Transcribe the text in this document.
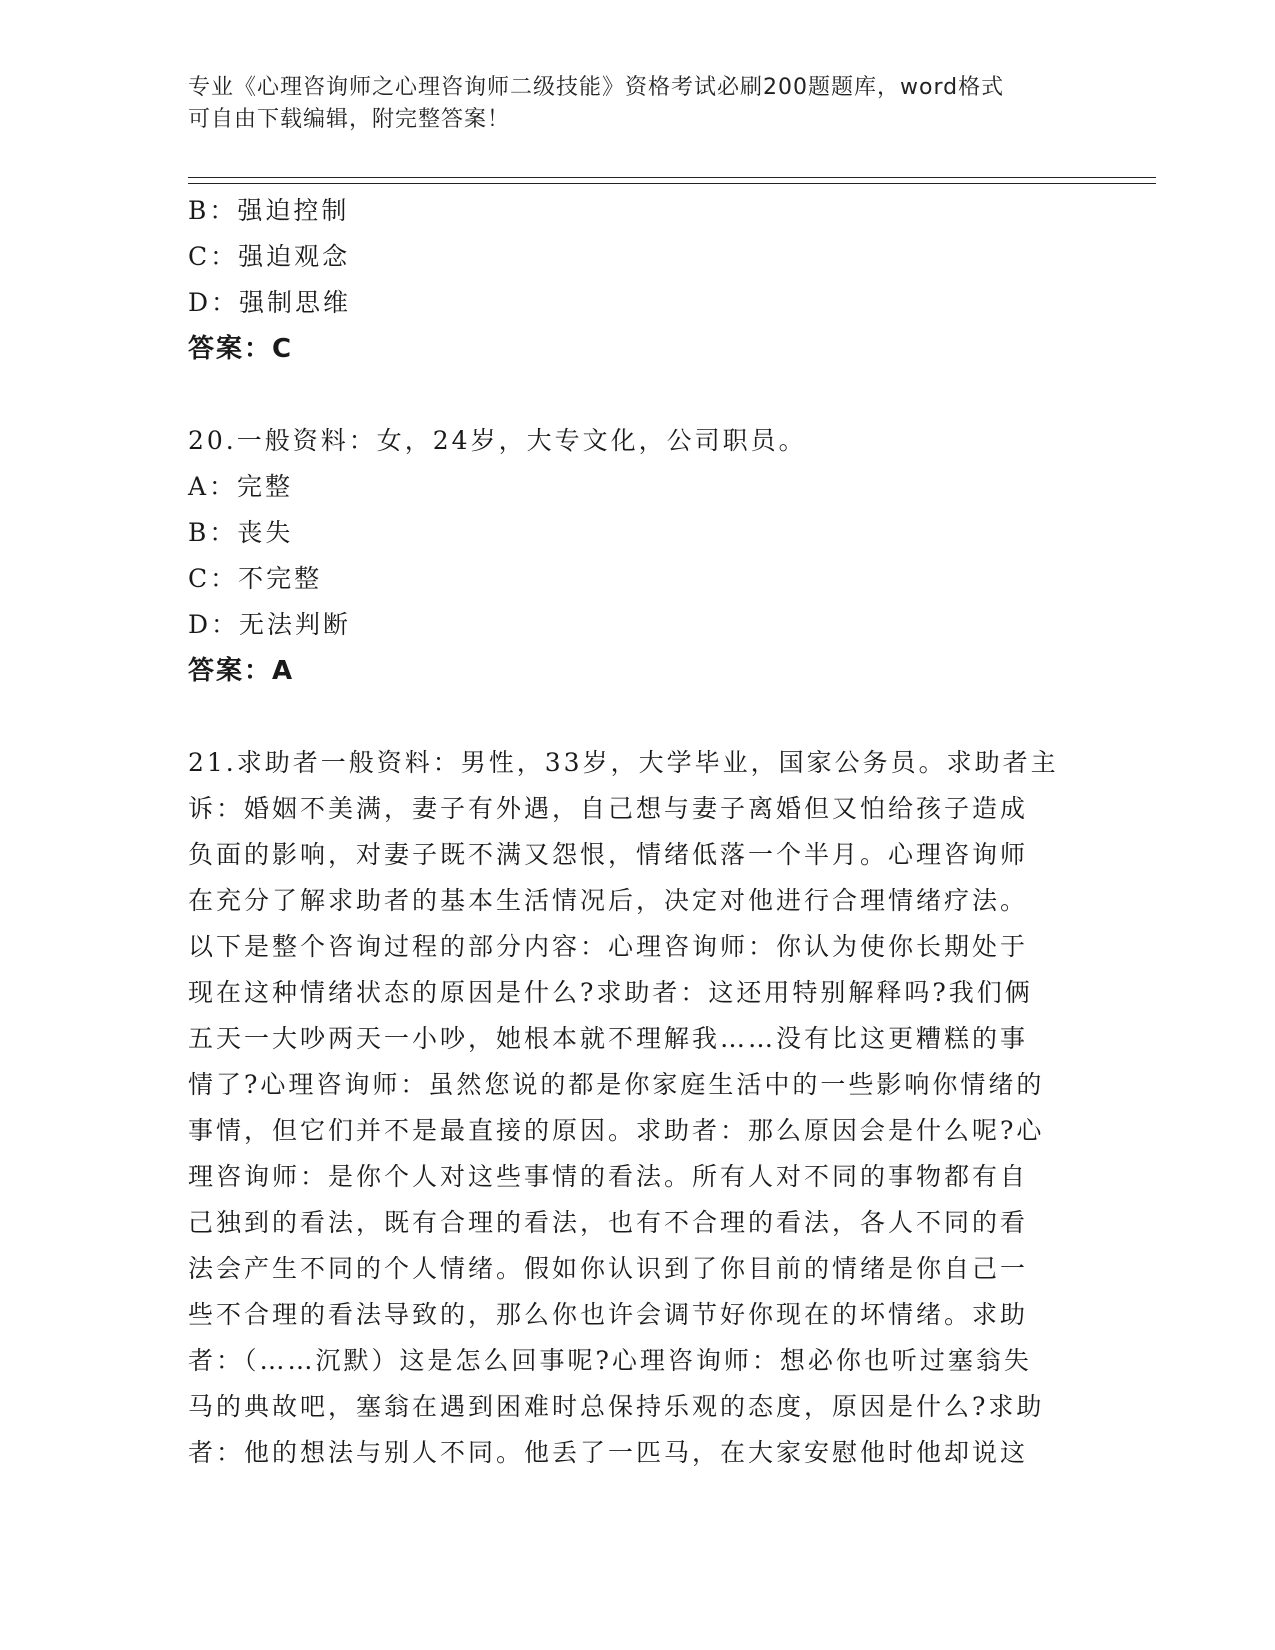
专业《心理咨询师之心理咨询师二级技能》资格考试必刷200题题库，word格式
可自由下载编辑，附完整答案！
B：强迫控制
C：强迫观念
D：强制思维
答案：C
20.一般资料：女，24岁，大专文化，公司职员。
A：完整
B：丧失
C：不完整
D：无法判断
答案：A
21.求助者一般资料：男性，33岁，大学毕业，国家公务员。求助者主
诉：婚姻不美满，妻子有外遇，自己想与妻子离婚但又怕给孩子造成
负面的影响，对妻子既不满又怨恨，情绪低落一个半月。心理咨询师
在充分了解求助者的基本生活情况后，决定对他进行合理情绪疗法。
以下是整个咨询过程的部分内容：心理咨询师：你认为使你长期处于
现在这种情绪状态的原因是什么?求助者：这还用特别解释吗?我们俩
五天一大吵两天一小吵，她根本就不理解我……没有比这更糟糕的事
情了?心理咨询师：虽然您说的都是你家庭生活中的一些影响你情绪的
事情，但它们并不是最直接的原因。求助者：那么原因会是什么呢?心
理咨询师：是你个人对这些事情的看法。所有人对不同的事物都有自
己独到的看法，既有合理的看法，也有不合理的看法，各人不同的看
法会产生不同的个人情绪。假如你认识到了你目前的情绪是你自己一
些不合理的看法导致的，那么你也许会调节好你现在的坏情绪。求助
者：（……沉默）这是怎么回事呢?心理咨询师：想必你也听过塞翁失
马的典故吧，塞翁在遇到困难时总保持乐观的态度，原因是什么?求助
者：他的想法与别人不同。他丢了一匹马，在大家安慰他时他却说这
